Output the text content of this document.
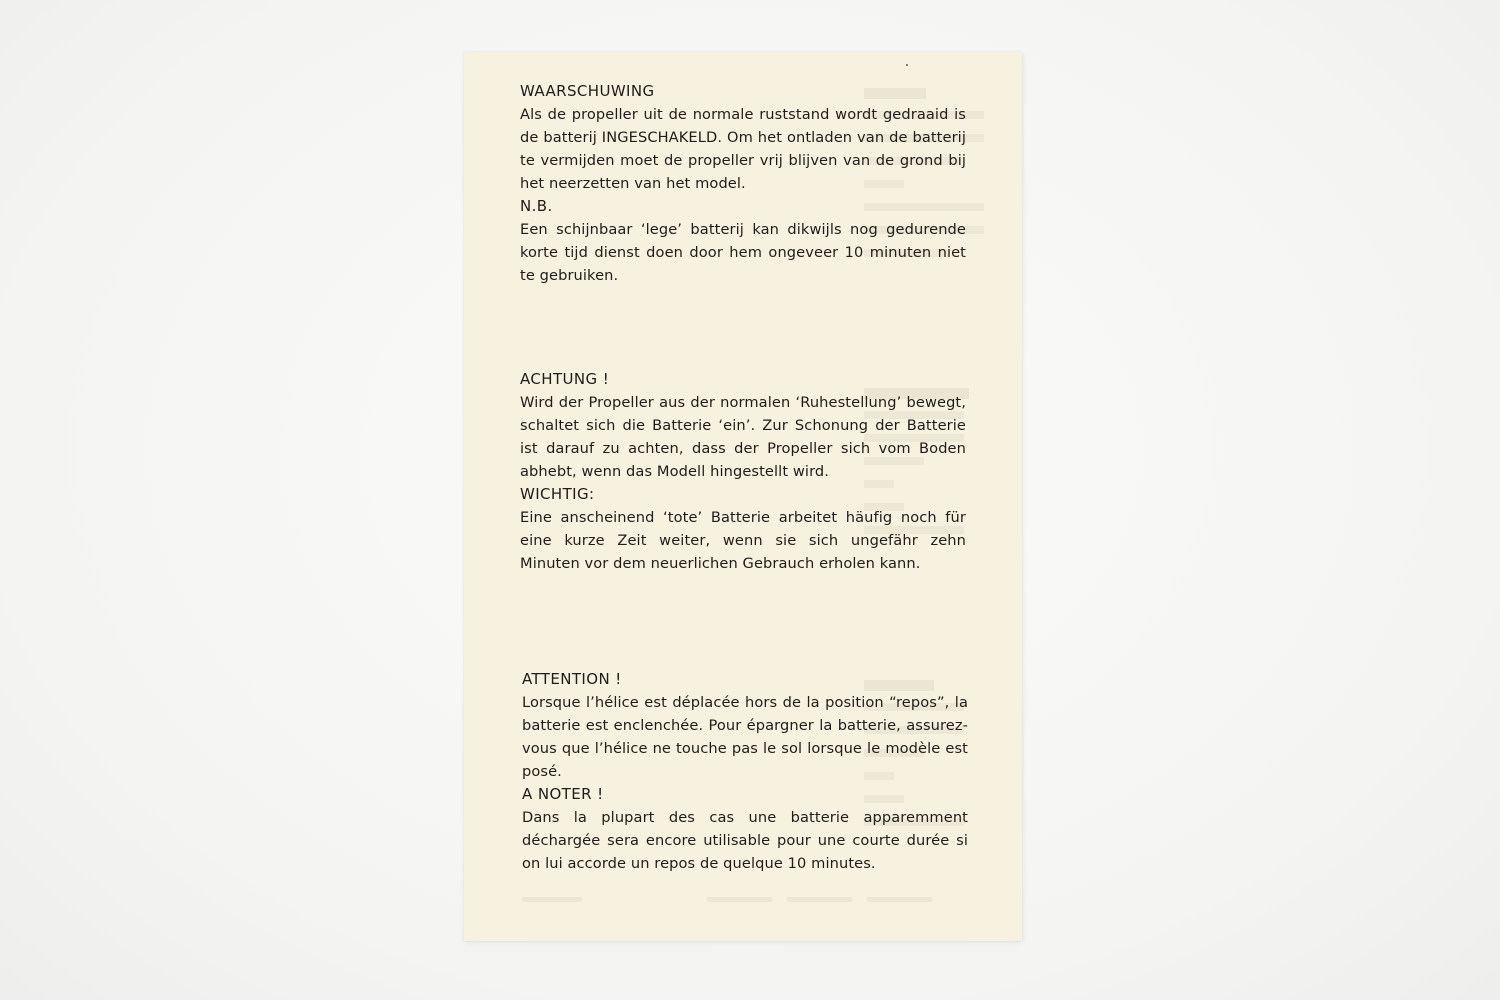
WAARSCHUWING

Als de propeller uit de normale ruststand wordt gedraaid is de batterij INGESCHAKELD. Om het ontladen van de batterij te vermijden moet de propeller vrij blijven van de grond bij het neerzetten van het model.

N.B.

Een schijnbaar ‘lege’ batterij kan dikwijls nog gedurende korte tijd dienst doen door hem ongeveer 10 minuten niet te gebruiken.

ACHTUNG !

Wird der Propeller aus der normalen ‘Ruhestellung’ bewegt, schaltet sich die Batterie ‘ein’. Zur Schonung der Batterie ist darauf zu achten, dass der Propeller sich vom Boden abhebt, wenn das Modell hingestellt wird.

WICHTIG:

Eine anscheinend ‘tote’ Batterie arbeitet häufig noch für eine kurze Zeit weiter, wenn sie sich ungefähr zehn Minuten vor dem neuerlichen Gebrauch erholen kann.

ATTENTION !

Lorsque l’hélice est déplacée hors de la position “repos”, la batterie est enclenchée. Pour épargner la batterie, assurez-vous que l’hélice ne touche pas le sol lorsque le modèle est posé.

A NOTER !

Dans la plupart des cas une batterie apparemment déchargée sera encore utilisable pour une courte durée si on lui accorde un repos de quelque 10 minutes.
